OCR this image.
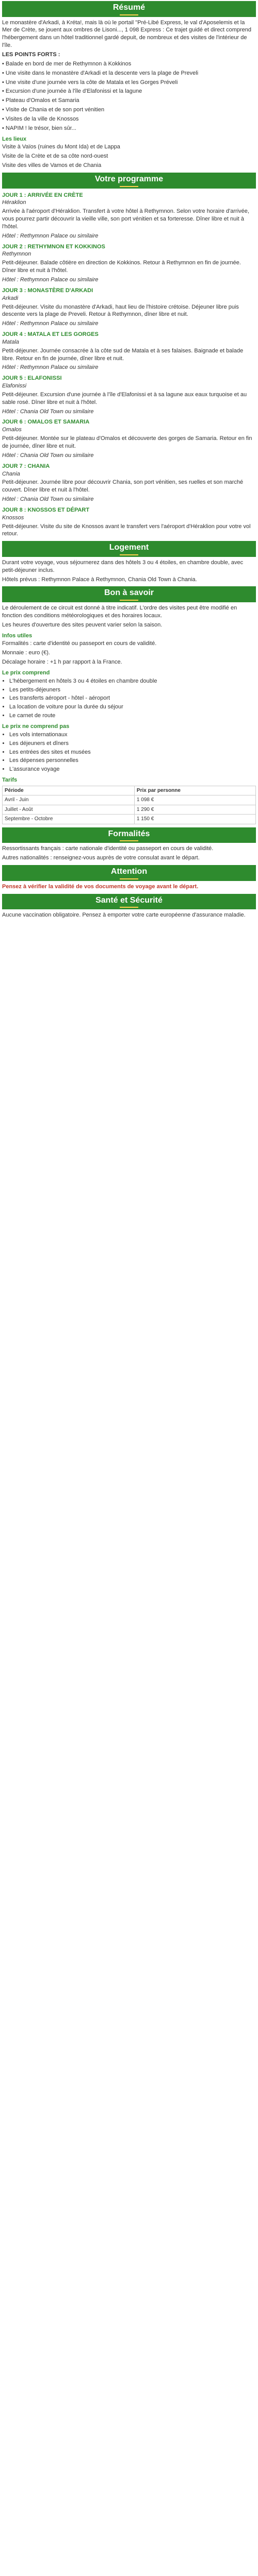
Résumé

Le monastère d'Arkadi, à Kréta!, mais là où le portail "Pré-Libé Express, le val d'Aposelemis et la Mer de Crète, se jouent aux ombres de Lisoni..., 1 098 Express : Ce trajet guidé et direct comprend l'hébergement dans un hôtel traditionnel gardé depuit, de nombreux et des visites de l'intérieur de l'île.

LES POINTS FORTS :

• Balade en bord de mer de Rethymnon à Kokkinos

• Une visite dans le monastère d'Arkadi et la descente vers la plage de Preveli

• Une visite d'une journée vers la côte de Matala et les Gorges Préveli

• Excursion d'une journée à l'île d'Elafonissi et la lagune

• Plateau d'Omalos et Samaria

• Visite de Chania et de son port vénitien

• Visites de la ville de Knossos

• NAPIM ! le trésor, bien sûr...

Les lieux

Visite à Vaïos (ruines du Mont Ida) et de Lappa

Visite de la Crète et de sa côte nord-ouest

Visite des villes de Vamos et de Chania

Votre programme
JOUR 1 : ARRIVÉE EN CRÈTE
Héraklion

Arrivée à l'aéroport d'Héraklion. Transfert à votre hôtel à Rethymnon. Selon votre horaire d'arrivée, vous pourrez partir découvrir la vieille ville, son port vénitien et sa forteresse. Dîner libre et nuit à l'hôtel.

Hôtel : Rethymnon Palace ou similaire

JOUR 2 : RETHYMNON ET KOKKINOS
Rethymnon

Petit-déjeuner. Balade côtière en direction de Kokkinos. Retour à Rethymnon en fin de journée. Dîner libre et nuit à l'hôtel.

Hôtel : Rethymnon Palace ou similaire

JOUR 3 : MONASTÈRE D'ARKADI
Arkadi

Petit-déjeuner. Visite du monastère d'Arkadi, haut lieu de l'histoire crétoise. Déjeuner libre puis descente vers la plage de Preveli. Retour à Rethymnon, dîner libre et nuit.

Hôtel : Rethymnon Palace ou similaire

JOUR 4 : MATALA ET LES GORGES
Matala

Petit-déjeuner. Journée consacrée à la côte sud de Matala et à ses falaises. Baignade et balade libre. Retour en fin de journée, dîner libre et nuit.

Hôtel : Rethymnon Palace ou similaire

JOUR 5 : ELAFONISSI
Elafonissi

Petit-déjeuner. Excursion d'une journée à l'île d'Elafonissi et à sa lagune aux eaux turquoise et au sable rosé. Dîner libre et nuit à l'hôtel.

Hôtel : Chania Old Town ou similaire

JOUR 6 : OMALOS ET SAMARIA
Omalos

Petit-déjeuner. Montée sur le plateau d'Omalos et découverte des gorges de Samaria. Retour en fin de journée, dîner libre et nuit.

Hôtel : Chania Old Town ou similaire

JOUR 7 : CHANIA
Chania

Petit-déjeuner. Journée libre pour découvrir Chania, son port vénitien, ses ruelles et son marché couvert. Dîner libre et nuit à l'hôtel.

Hôtel : Chania Old Town ou similaire

JOUR 8 : KNOSSOS ET DÉPART
Knossos

Petit-déjeuner. Visite du site de Knossos avant le transfert vers l'aéroport d'Héraklion pour votre vol retour.

Logement

Durant votre voyage, vous séjournerez dans des hôtels 3 ou 4 étoiles, en chambre double, avec petit-déjeuner inclus.

Hôtels prévus : Rethymnon Palace à Rethymnon, Chania Old Town à Chania.

Bon à savoir

Le déroulement de ce circuit est donné à titre indicatif. L'ordre des visites peut être modifié en fonction des conditions météorologiques et des horaires locaux.

Les heures d'ouverture des sites peuvent varier selon la saison.

Infos utiles

Formalités : carte d'identité ou passeport en cours de validité.

Monnaie : euro (€).

Décalage horaire : +1 h par rapport à la France.

Le prix comprend
• L'hébergement en hôtels 3 ou 4 étoiles en chambre double
• Les petits-déjeuners
• Les transferts aéroport - hôtel - aéroport
• La location de voiture pour la durée du séjour
• Le carnet de route
Le prix ne comprend pas
• Les vols internationaux
• Les déjeuners et dîners
• Les entrées des sites et musées
• Les dépenses personnelles
• L'assurance voyage
Tarifs
Période	Prix par personne
Avril - Juin	1 098 €
Juillet - Août	1 290 €
Septembre - Octobre	1 150 €
Formalités

Ressortissants français : carte nationale d'identité ou passeport en cours de validité.

Autres nationalités : renseignez-vous auprès de votre consulat avant le départ.

Attention

Pensez à vérifier la validité de vos documents de voyage avant le départ.

Santé et Sécurité

Aucune vaccination obligatoire. Pensez à emporter votre carte européenne d'assurance maladie.
